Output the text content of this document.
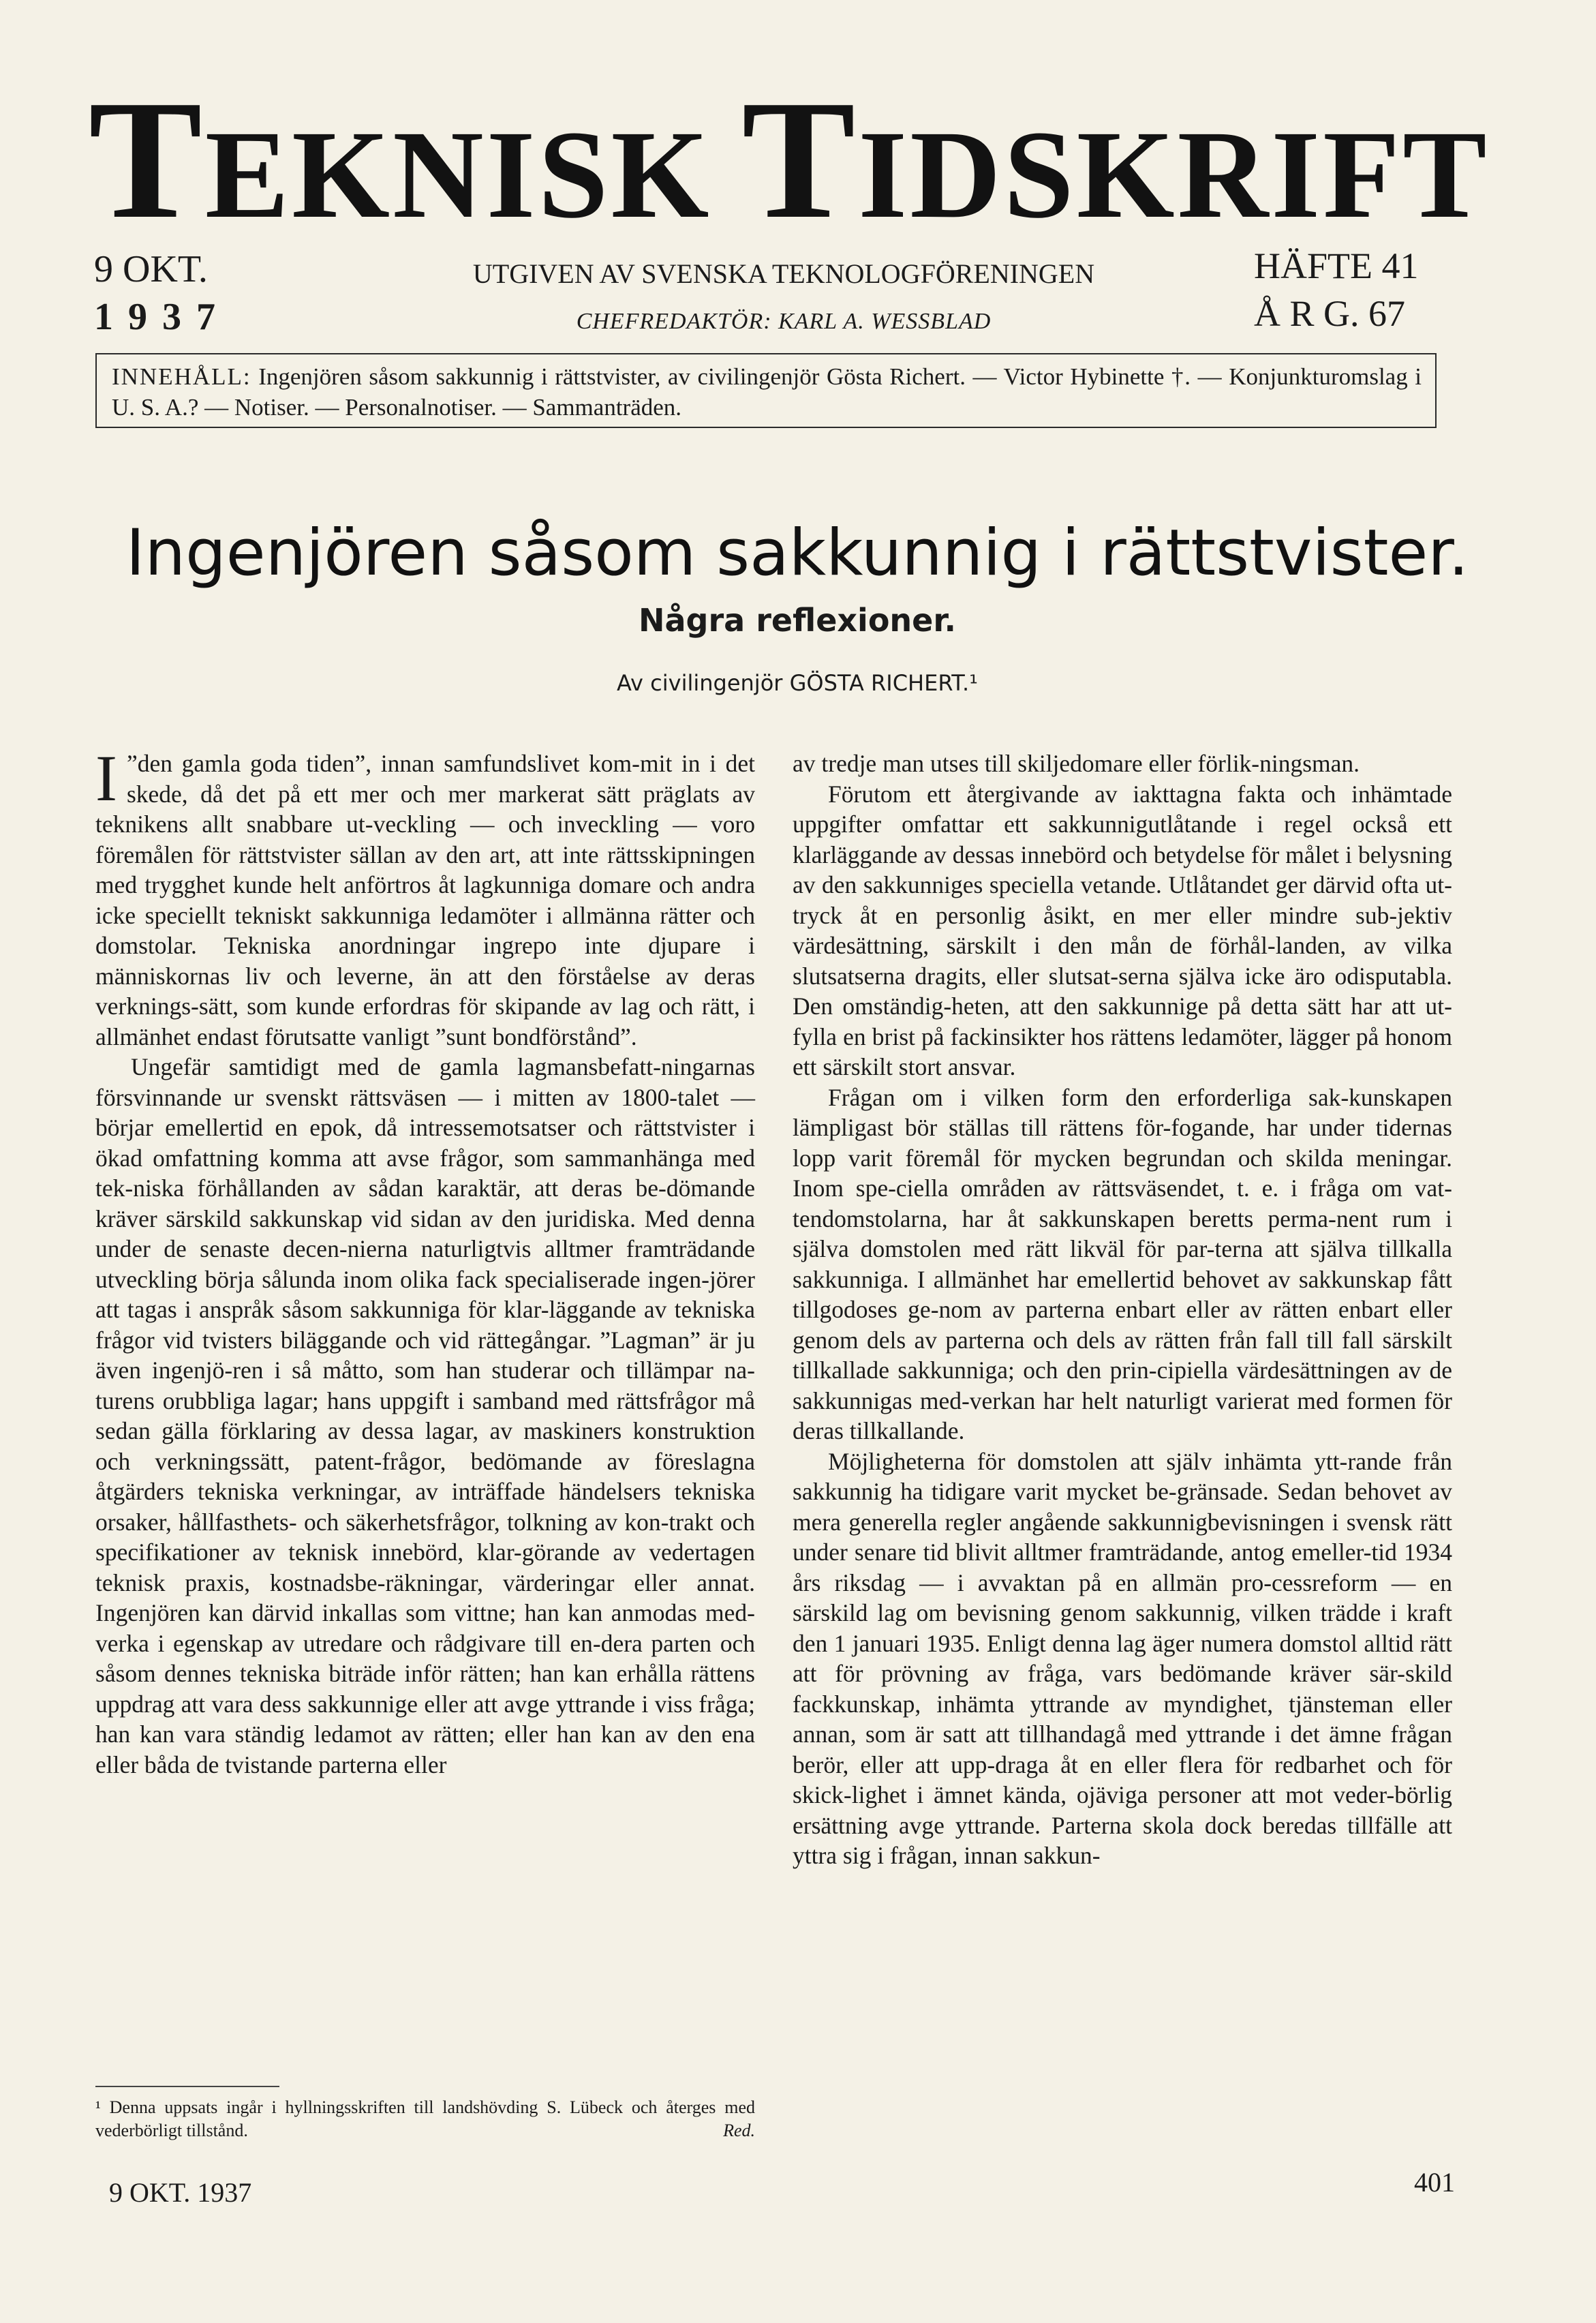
TEKNISK  TIDSKRIFT
9 OKT.
1937
UTGIVEN AV SVENSKA TEKNOLOGFÖRENINGEN
CHEFREDAKTÖR: KARL A. WESSBLAD
HÄFTE 41
Å R G. 67
INNEHÅLL: Ingenjören såsom sakkunnig i rättstvister, av civilingenjör Gösta Richert. — Victor Hybinette †. — Konjunkturomslag i U. S. A.? — Notiser. — Personalnotiser. — Sammanträden.
Ingenjören såsom sakkunnig i rättstvister.
Några reflexioner.
Av civilingenjör GÖSTA RICHERT.¹

I ”den gamla goda tiden”, innan samfundslivet kom-mit in i det skede, då det på ett mer och mer markerat sätt präglats av teknikens allt snabbare ut-veckling — och inveckling — voro föremålen för rättstvister sällan av den art, att inte rättsskipningen med trygghet kunde helt anförtros åt lagkunniga domare och andra icke speciellt tekniskt sakkunniga ledamöter i allmänna rätter och domstolar. Tekniska anordningar ingrepo inte djupare i människornas liv och leverne, än att den förståelse av deras verknings-sätt, som kunde erfordras för skipande av lag och rätt, i allmänhet endast förutsatte vanligt ”sunt bondförstånd”.

Ungefär samtidigt med de gamla lagmansbefatt-ningarnas försvinnande ur svenskt rättsväsen — i mitten av 1800-talet — börjar emellertid en epok, då intressemotsatser och rättstvister i ökad omfattning komma att avse frågor, som sammanhänga med tek-niska förhållanden av sådan karaktär, att deras be-dömande kräver särskild sakkunskap vid sidan av den juridiska. Med denna under de senaste decen-nierna naturligtvis alltmer framträdande utveckling börja sålunda inom olika fack specialiserade ingen-jörer att tagas i anspråk såsom sakkunniga för klar-läggande av tekniska frågor vid tvisters biläggande och vid rättegångar. ”Lagman” är ju även ingenjö-ren i så måtto, som han studerar och tillämpar na-turens orubbliga lagar; hans uppgift i samband med rättsfrågor må sedan gälla förklaring av dessa lagar, av maskiners konstruktion och verkningssätt, patent-frågor, bedömande av föreslagna åtgärders tekniska verkningar, av inträffade händelsers tekniska orsaker, hållfasthets- och säkerhetsfrågor, tolkning av kon-trakt och specifikationer av teknisk innebörd, klar-görande av vedertagen teknisk praxis, kostnadsbe-räkningar, värderingar eller annat. Ingenjören kan därvid inkallas som vittne; han kan anmodas med-verka i egenskap av utredare och rådgivare till en-dera parten och såsom dennes tekniska biträde inför rätten; han kan erhålla rättens uppdrag att vara dess sakkunnige eller att avge yttrande i viss fråga; han kan vara ständig ledamot av rätten; eller han kan av den ena eller båda de tvistande parterna eller

av tredje man utses till skiljedomare eller förlik-ningsman.

Förutom ett återgivande av iakttagna fakta och inhämtade uppgifter omfattar ett sakkunnigutlåtande i regel också ett klarläggande av dessas innebörd och betydelse för målet i belysning av den sakkunniges speciella vetande. Utlåtandet ger därvid ofta ut-tryck åt en personlig åsikt, en mer eller mindre sub-jektiv värdesättning, särskilt i den mån de förhål-landen, av vilka slutsatserna dragits, eller slutsat-serna själva icke äro odisputabla. Den omständig-heten, att den sakkunnige på detta sätt har att ut-fylla en brist på fackinsikter hos rättens ledamöter, lägger på honom ett särskilt stort ansvar.

Frågan om i vilken form den erforderliga sak-kunskapen lämpligast bör ställas till rättens för-fogande, har under tidernas lopp varit föremål för mycken begrundan och skilda meningar. Inom spe-ciella områden av rättsväsendet, t. e. i fråga om vat-tendomstolarna, har åt sakkunskapen beretts perma-nent rum i själva domstolen med rätt likväl för par-terna att själva tillkalla sakkunniga. I allmänhet har emellertid behovet av sakkunskap fått tillgodoses ge-nom av parterna enbart eller av rätten enbart eller genom dels av parterna och dels av rätten från fall till fall särskilt tillkallade sakkunniga; och den prin-cipiella värdesättningen av de sakkunnigas med-verkan har helt naturligt varierat med formen för deras tillkallande.

Möjligheterna för domstolen att själv inhämta ytt-rande från sakkunnig ha tidigare varit mycket be-gränsade. Sedan behovet av mera generella regler angående sakkunnigbevisningen i svensk rätt under senare tid blivit alltmer framträdande, antog emeller-tid 1934 års riksdag — i avvaktan på en allmän pro-cessreform — en särskild lag om bevisning genom sakkunnig, vilken trädde i kraft den 1 januari 1935. Enligt denna lag äger numera domstol alltid rätt att för prövning av fråga, vars bedömande kräver sär-skild fackkunskap, inhämta yttrande av myndighet, tjänsteman eller annan, som är satt att tillhandagå med yttrande i det ämne frågan berör, eller att upp-draga åt en eller flera för redbarhet och för skick-lighet i ämnet kända, ojäviga personer att mot veder-börlig ersättning avge yttrande. Parterna skola dock beredas tillfälle att yttra sig i frågan, innan sakkun-

¹ Denna uppsats ingår i hyllningsskriften till landshövding S. Lübeck och återges med vederbörligt tillstånd.	Red.
9 OKT. 1937	401
